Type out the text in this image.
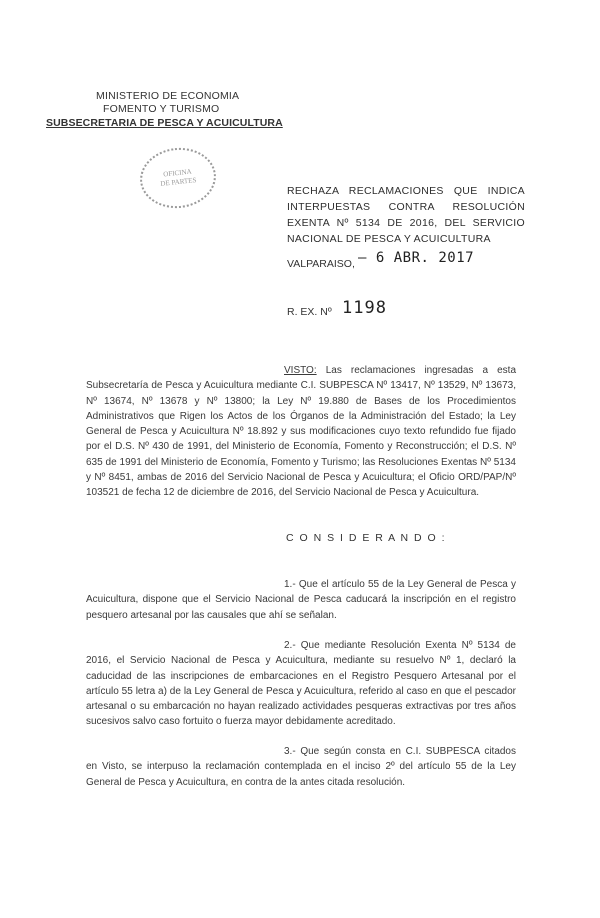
MINISTERIO DE ECONOMIA
FOMENTO Y TURISMO
SUBSECRETARIA DE PESCA Y ACUICULTURA
OFICINA
DE PARTES
RECHAZA RECLAMACIONES QUE INDICA INTERPUESTAS CONTRA RESOLUCIÓN EXENTA Nº 5134 DE 2016, DEL SERVICIO NACIONAL DE PESCA Y ACUICULTURA
VALPARAISO, – 6 ABR. 2017
R. EX. Nº 1198
VISTO: Las reclamaciones ingresadas a esta Subsecretaría de Pesca y Acuicultura mediante C.I. SUBPESCA Nº 13417, Nº 13529, Nº 13673, Nº 13674, Nº 13678 y Nº 13800; la Ley Nº 19.880 de Bases de los Procedimientos Administrativos que Rigen los Actos de los Órganos de la Administración del Estado; la Ley General de Pesca y Acuicultura Nº 18.892 y sus modificaciones cuyo texto refundido fue fijado por el D.S. Nº 430 de 1991, del Ministerio de Economía, Fomento y Reconstrucción; el D.S. Nº 635 de 1991 del Ministerio de Economía, Fomento y Turismo; las Resoluciones Exentas Nº 5134 y Nº 8451, ambas de 2016 del Servicio Nacional de Pesca y Acuicultura; el Oficio ORD/PAP/Nº 103521 de fecha 12 de diciembre de 2016, del Servicio Nacional de Pesca y Acuicultura.
C O N S I D E R A N D O :
1.- Que el artículo 55 de la Ley General de Pesca y Acuicultura, dispone que el Servicio Nacional de Pesca caducará la inscripción en el registro pesquero artesanal por las causales que ahí se señalan.
2.- Que mediante Resolución Exenta Nº 5134 de 2016, el Servicio Nacional de Pesca y Acuicultura, mediante su resuelvo Nº 1, declaró la caducidad de las inscripciones de embarcaciones en el Registro Pesquero Artesanal por el artículo 55 letra a) de la Ley General de Pesca y Acuicultura, referido al caso en que el pescador artesanal o su embarcación no hayan realizado actividades pesqueras extractivas por tres años sucesivos salvo caso fortuito o fuerza mayor debidamente acreditado.
3.- Que según consta en C.I. SUBPESCA citados en Visto, se interpuso la reclamación contemplada en el inciso 2º del artículo 55 de la Ley General de Pesca y Acuicultura, en contra de la antes citada resolución.
